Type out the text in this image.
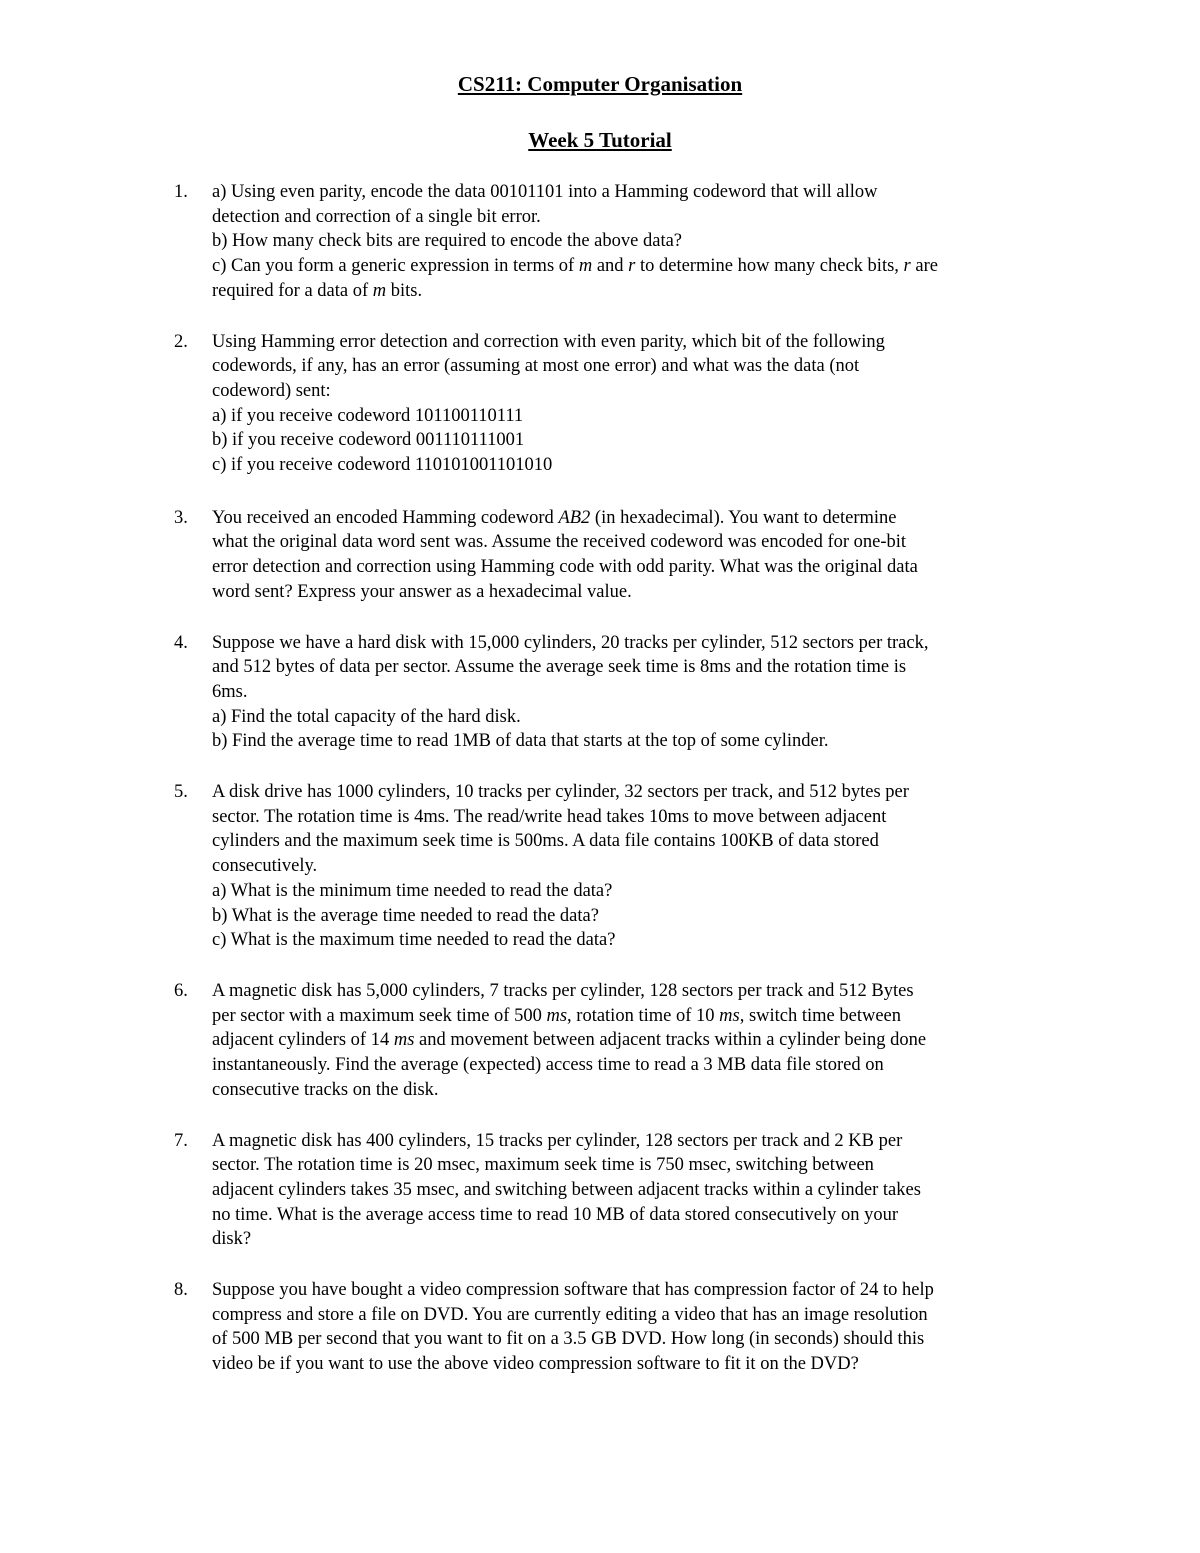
CS211: Computer Organisation
Week 5 Tutorial
1. a) Using even parity, encode the data 00101101 into a Hamming codeword that will allow
detection and correction of a single bit error.
b) How many check bits are required to encode the above data?
c) Can you form a generic expression in terms of m and r to determine how many check bits, r are
required for a data of m bits.
2. Using Hamming error detection and correction with even parity, which bit of the following
codewords, if any, has an error (assuming at most one error) and what was the data (not
codeword) sent:
a) if you receive codeword 101100110111
b) if you receive codeword 001110111001
c) if you receive codeword 110101001101010
3. You received an encoded Hamming codeword AB2 (in hexadecimal). You want to determine
what the original data word sent was. Assume the received codeword was encoded for one-bit
error detection and correction using Hamming code with odd parity. What was the original data
word sent? Express your answer as a hexadecimal value.
4. Suppose we have a hard disk with 15,000 cylinders, 20 tracks per cylinder, 512 sectors per track,
and 512 bytes of data per sector. Assume the average seek time is 8ms and the rotation time is
6ms.
a) Find the total capacity of the hard disk.
b) Find the average time to read 1MB of data that starts at the top of some cylinder.
5. A disk drive has 1000 cylinders, 10 tracks per cylinder, 32 sectors per track, and 512 bytes per
sector. The rotation time is 4ms. The read/write head takes 10ms to move between adjacent
cylinders and the maximum seek time is 500ms. A data file contains 100KB of data stored
consecutively.
a) What is the minimum time needed to read the data?
b) What is the average time needed to read the data?
c) What is the maximum time needed to read the data?
6. A magnetic disk has 5,000 cylinders, 7 tracks per cylinder, 128 sectors per track and 512 Bytes
per sector with a maximum seek time of 500 ms, rotation time of 10 ms, switch time between
adjacent cylinders of 14 ms and movement between adjacent tracks within a cylinder being done
instantaneously. Find the average (expected) access time to read a 3 MB data file stored on
consecutive tracks on the disk.
7. A magnetic disk has 400 cylinders, 15 tracks per cylinder, 128 sectors per track and 2 KB per
sector. The rotation time is 20 msec, maximum seek time is 750 msec, switching between
adjacent cylinders takes 35 msec, and switching between adjacent tracks within a cylinder takes
no time. What is the average access time to read 10 MB of data stored consecutively on your
disk?
8. Suppose you have bought a video compression software that has compression factor of 24 to help
compress and store a file on DVD. You are currently editing a video that has an image resolution
of 500 MB per second that you want to fit on a 3.5 GB DVD. How long (in seconds) should this
video be if you want to use the above video compression software to fit it on the DVD?
